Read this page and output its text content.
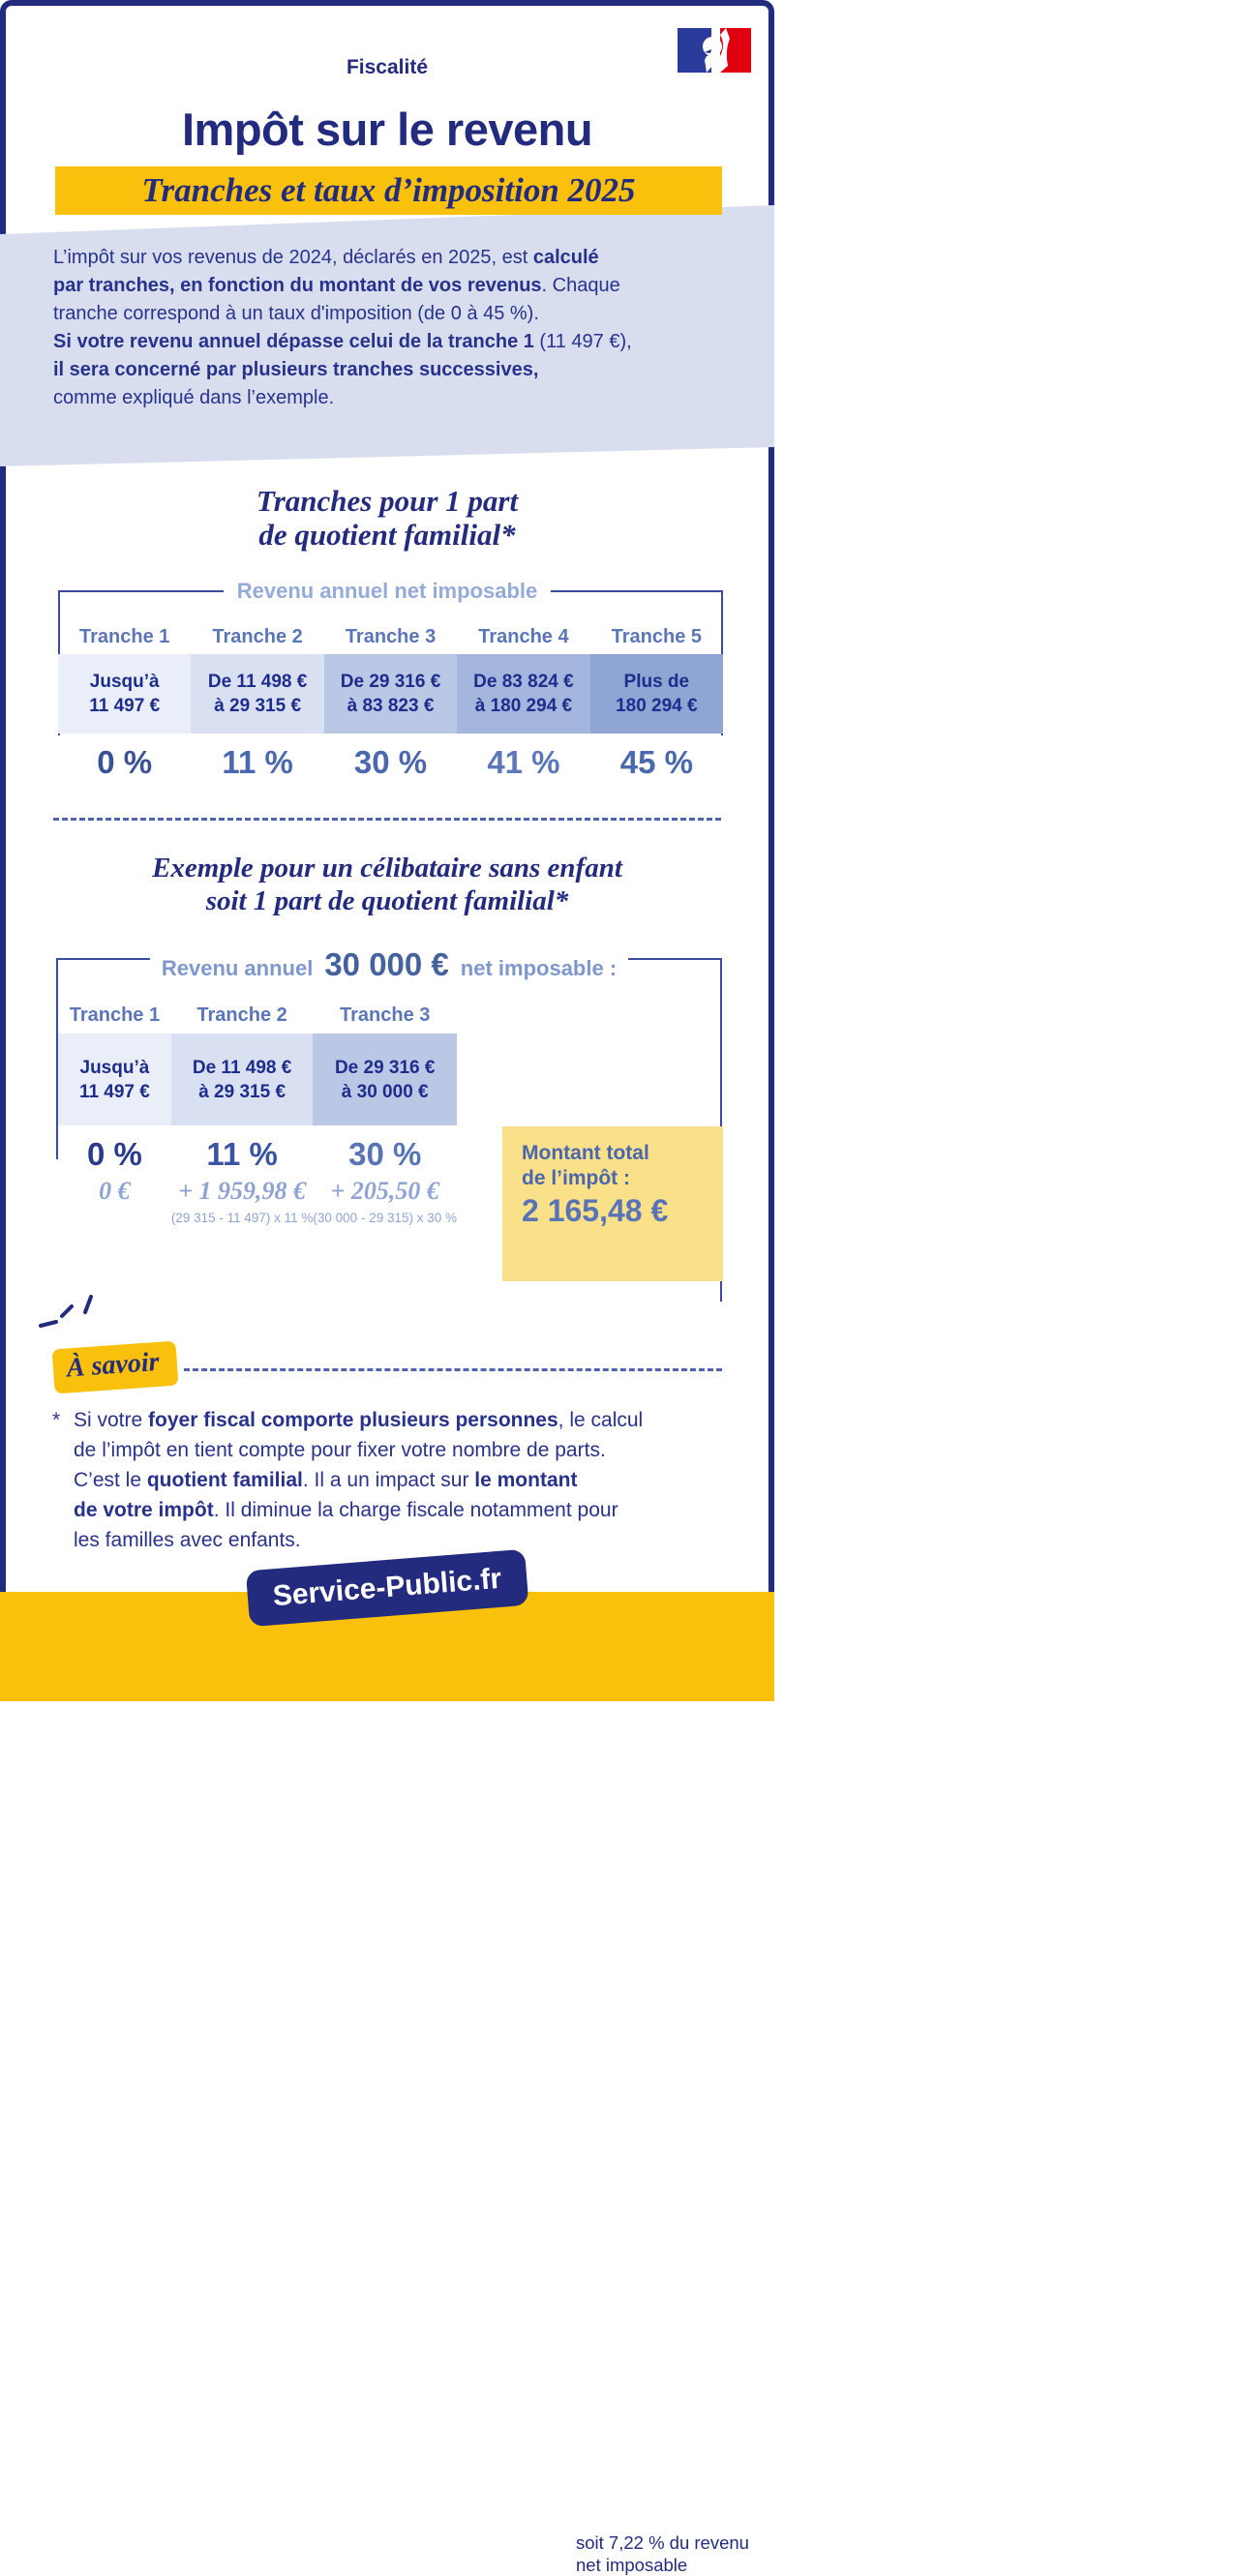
Fiscalité
Impôt sur le revenu
Tranches et taux d’imposition 2025
L’impôt sur vos revenus de 2024, déclarés en 2025, est calculé
par tranches, en fonction du montant de vos revenus. Chaque
tranche correspond à un taux d'imposition (de 0 à 45 %).
Si votre revenu annuel dépasse celui de la tranche 1 (11 497 €),
il sera concerné par plusieurs tranches successives,
comme expliqué dans l’exemple.
Tranches pour 1 part
de quotient familial*
Revenu annuel net imposable
Tranche 1
Jusqu’à
11 497 €
0 %
Tranche 2
De 11 498 €
à 29 315 €
11 %
Tranche 3
De 29 316 €
à 83 823 €
30 %
Tranche 4
De 83 824 €
à 180 294 €
41 %
Tranche 5
Plus de
180 294 €
45 %
Exemple pour un célibataire sans enfant
soit 1 part de quotient familial*
Revenu annuel 30 000 € net imposable :
Tranche 1
Jusqu’à
11 497 €
0 %
0 €
Tranche 2
De 11 498 €
à 29 315 €
11 %
+ 1 959,98 €
(29 315 - 11 497) x 11 %
Tranche 3
De 29 316 €
à 30 000 €
30 %
+ 205,50 €
(30 000 - 29 315) x 30 %
Montant total
de l’impôt :
2 165,48 €
soit 7,22 % du revenu
net imposable
À savoir
* Si votre foyer fiscal comporte plusieurs personnes, le calcul
de l’impôt en tient compte pour fixer votre nombre de parts.
C’est le quotient familial. Il a un impact sur le montant
de votre impôt. Il diminue la charge fiscale notamment pour
les familles avec enfants.
Service-Public.fr
